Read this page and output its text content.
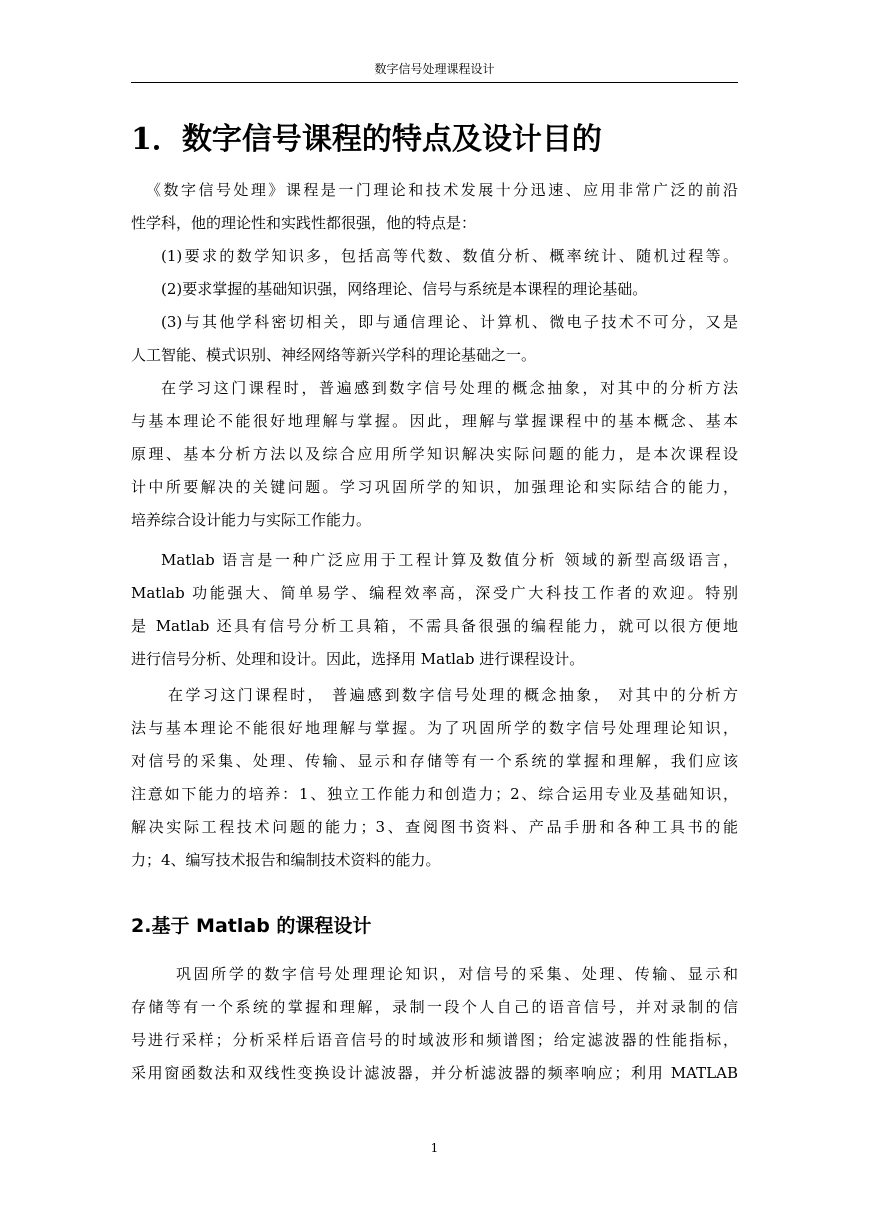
数字信号处理课程设计
1．数字信号课程的特点及设计目的

《数字信号处理》课程是一门理论和技术发展十分迅速、应用非常广泛的前沿

性学科，他的理论性和实践性都很强，他的特点是：

(1)要求的数学知识多，包括高等代数、数值分析、概率统计、随机过程等。

(2)要求掌握的基础知识强，网络理论、信号与系统是本课程的理论基础。

(3)与其他学科密切相关，即与通信理论、计算机、微电子技术不可分，又是

人工智能、模式识别、神经网络等新兴学科的理论基础之一。

在学习这门课程时，普遍感到数字信号处理的概念抽象，对其中的分析方法

与基本理论不能很好地理解与掌握。因此，理解与掌握课程中的基本概念、基本

原理、基本分析方法以及综合应用所学知识解决实际问题的能力，是本次课程设

计中所要解决的关键问题。学习巩固所学的知识，加强理论和实际结合的能力，

培养综合设计能力与实际工作能力。

Matlab 语言是一种广泛应用于工程计算及数值分析 领域的新型高级语言，

Matlab 功能强大、简单易学、编程效率高，深受广大科技工作者的欢迎。特别

是 Matlab 还具有信号分析工具箱，不需具备很强的编程能力，就可以很方便地

进行信号分析、处理和设计。因此，选择用 Matlab 进行课程设计。

在学习这门课程时， 普遍感到数字信号处理的概念抽象， 对其中的分析方

法与基本理论不能很好地理解与掌握。为了巩固所学的数字信号处理理论知识，

对信号的采集、处理、传输、显示和存储等有一个系统的掌握和理解，我们应该

注意如下能力的培养：1、独立工作能力和创造力；2、综合运用专业及基础知识，

解决实际工程技术问题的能力；3、查阅图书资料、产品手册和各种工具书的能

力；4、编写技术报告和编制技术资料的能力。

2.基于 Matlab 的课程设计

巩固所学的数字信号处理理论知识，对信号的采集、处理、传输、显示和

存储等有一个系统的掌握和理解，录制一段个人自己的语音信号，并对录制的信

号进行采样；分析采样后语音信号的时域波形和频谱图；给定滤波器的性能指标，

采用窗函数法和双线性变换设计滤波器，并分析滤波器的频率响应；利用 MATLAB

1
